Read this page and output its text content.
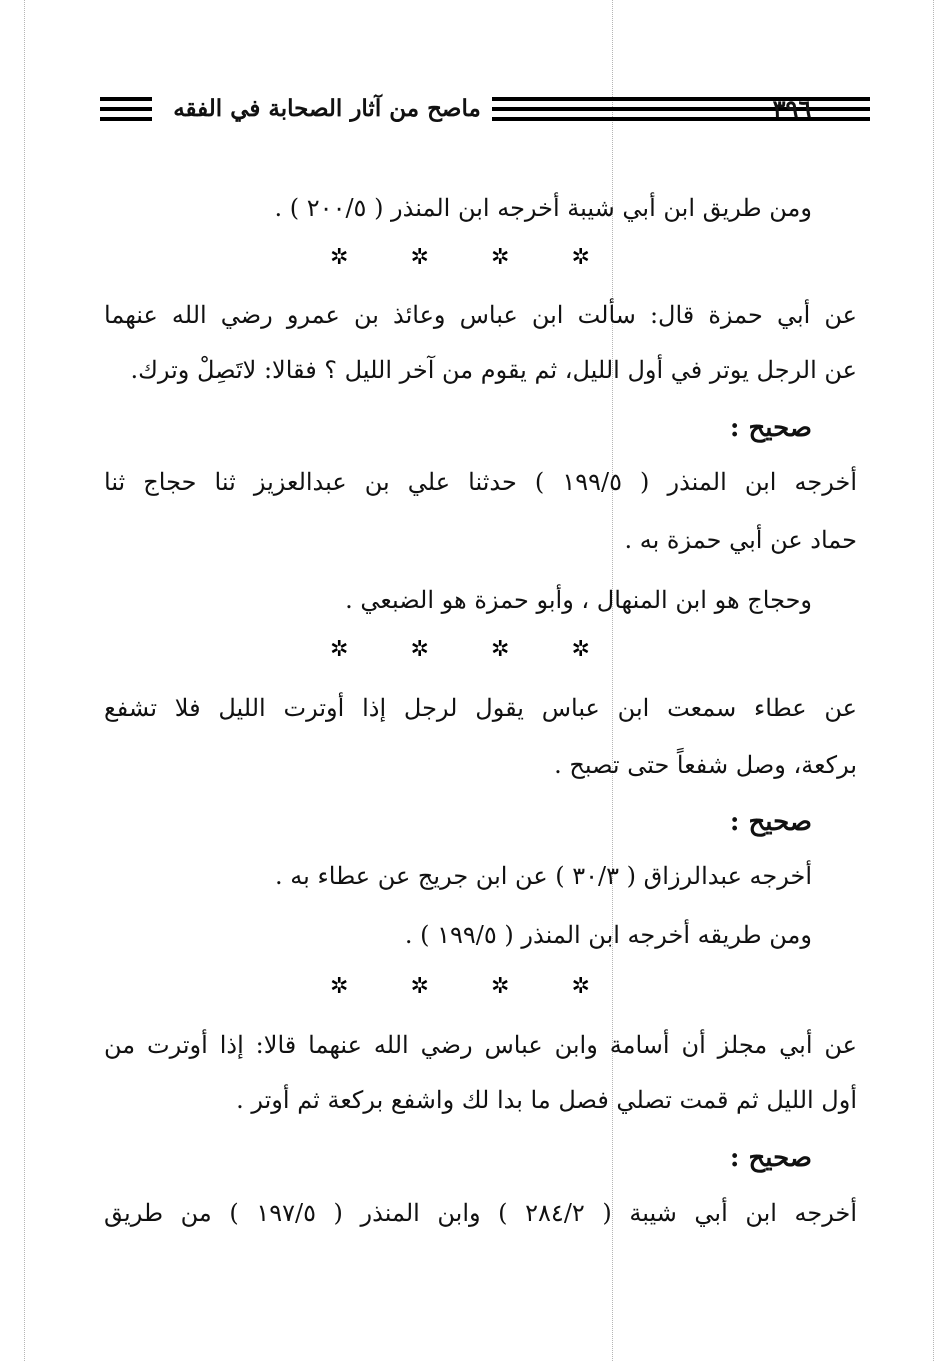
ماصح من آثار الصحابة في الفقه	٣٩٦
ومن طريق ابن أبي شيبة أخرجه ابن المنذر ( ٢٠٠/٥ ) .
✲	✲	✲	✲
عن أبي حمزة قال: سألت ابن عباس وعائذ بن عمرو رضي الله عنهما
عن الرجل يوتر في أول الليل، ثم يقوم من آخر الليل ؟ فقالا: لاتَصِلْ وترك.
صحيح :
أخرجه ابن المنذر ( ١٩٩/٥ ) حدثنا علي بن عبدالعزيز ثنا حجاج ثنا
حماد عن أبي حمزة به .
وحجاج هو ابن المنهال ، وأبو حمزة هو الضبعي .
✲	✲	✲	✲
عن عطاء سمعت ابن عباس يقول لرجل إذا أوترت الليل فلا تشفع
بركعة، وصل شفعاً حتى تصبح .
صحيح :
أخرجه عبدالرزاق ( ٣٠/٣ ) عن ابن جريج عن عطاء به .
ومن طريقه أخرجه ابن المنذر ( ١٩٩/٥ ) .
✲	✲	✲	✲
عن أبي مجلز أن أسامة وابن عباس رضي الله عنهما قالا: إذا أوترت من
أول الليل ثم قمت تصلي فصل ما بدا لك واشفع بركعة ثم أوتر .
صحيح :
أخرجه ابن أبي شيبة ( ٢٨٤/٢ ) وابن المنذر ( ١٩٧/٥ ) من طريق
